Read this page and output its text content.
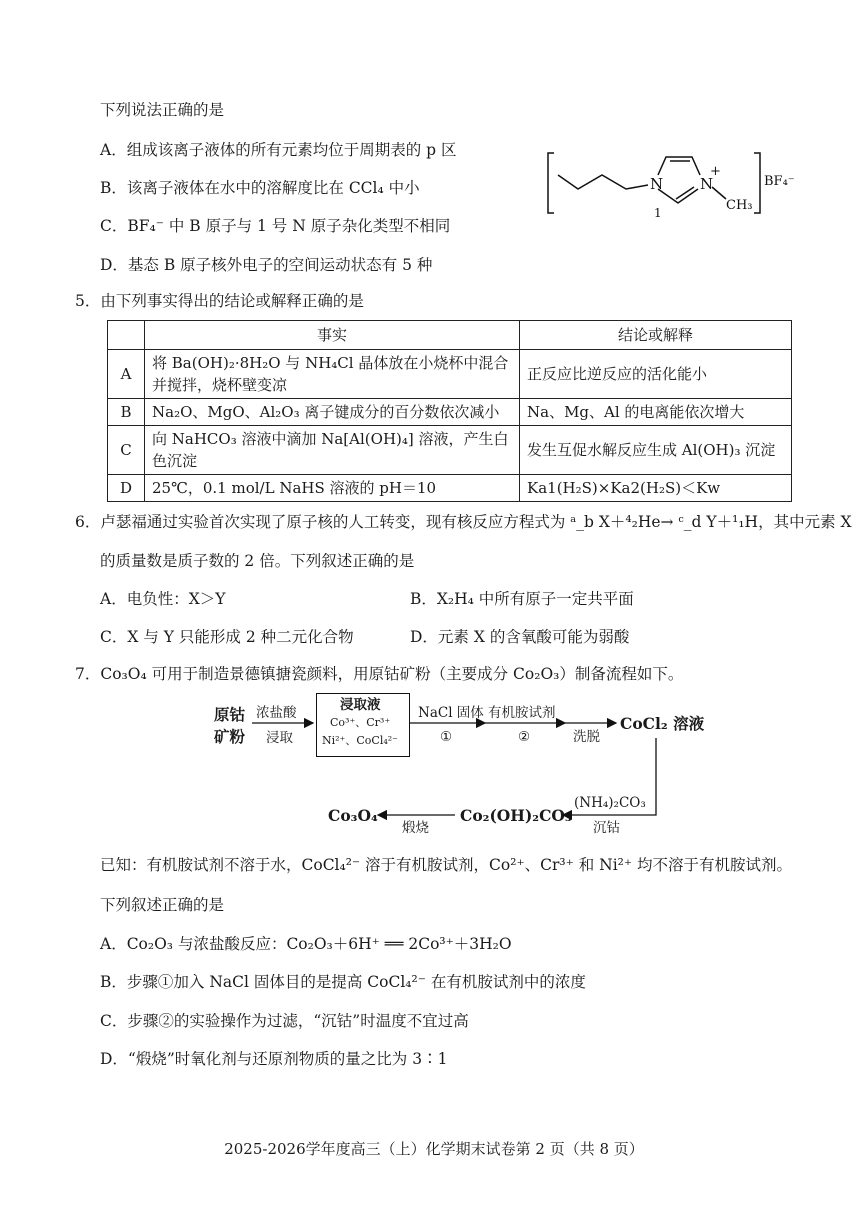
下列说法正确的是
A．组成该离子液体的所有元素均位于周期表的 p 区
B．该离子液体在水中的溶解度比在 CCl₄ 中小
C．BF₄⁻ 中 B 原子与 1 号 N 原子杂化类型不相同
D．基态 B 原子核外电子的空间运动状态有 5 种
N N
+
1	CH₃
BF₄⁻
5．由下列事实得出的结论或解释正确的是
	事实	结论或解释
A	将 Ba(OH)₂·8H₂O 与 NH₄Cl 晶体放在小烧杯中混合并搅拌，烧杯壁变凉	正反应比逆反应的活化能小
B	Na₂O、MgO、Al₂O₃ 离子键成分的百分数依次减小	Na、Mg、Al 的电离能依次增大
C	向 NaHCO₃ 溶液中滴加 Na[Al(OH)₄] 溶液，产生白色沉淀	发生互促水解反应生成 Al(OH)₃ 沉淀
D	25℃，0.1 mol/L NaHS 溶液的 pH＝10	Ka1(H₂S)×Ka2(H₂S)＜Kw
6．卢瑟福通过实验首次实现了原子核的人工转变，现有核反应方程式为 ᵃ_b X＋⁴₂He→ ᶜ_d Y＋¹₁H，其中元素 X
的质量数是质子数的 2 倍。下列叙述正确的是
A．电负性：X＞Y	B．X₂H₄ 中所有原子一定共平面
C．X 与 Y 只能形成 2 种二元化合物	D．元素 X 的含氧酸可能为弱酸
7．Co₃O₄ 可用于制造景德镇搪瓷颜料，用原钴矿粉（主要成分 Co₂O₃）制备流程如下。
原钴
矿粉
浓盐酸
浸取
浸取液
Co³⁺、Cr³⁺
Ni²⁺、CoCl₄²⁻
NaCl 固体
①
有机胺试剂
②	洗脱
CoCl₂ 溶液
(NH₄)₂CO₃
沉钴
Co₂(OH)₂CO₃
煅烧
Co₃O₄
已知：有机胺试剂不溶于水，CoCl₄²⁻ 溶于有机胺试剂，Co²⁺、Cr³⁺ 和 Ni²⁺ 均不溶于有机胺试剂。
下列叙述正确的是
A．Co₂O₃ 与浓盐酸反应：Co₂O₃＋6H⁺ ══ 2Co³⁺＋3H₂O
B．步骤①加入 NaCl 固体目的是提高 CoCl₄²⁻ 在有机胺试剂中的浓度
C．步骤②的实验操作为过滤，“沉钴”时温度不宜过高
D．“煅烧”时氧化剂与还原剂物质的量之比为 3∶1
2025-2026学年度高三（上）化学期末试卷第 2 页（共 8 页）
